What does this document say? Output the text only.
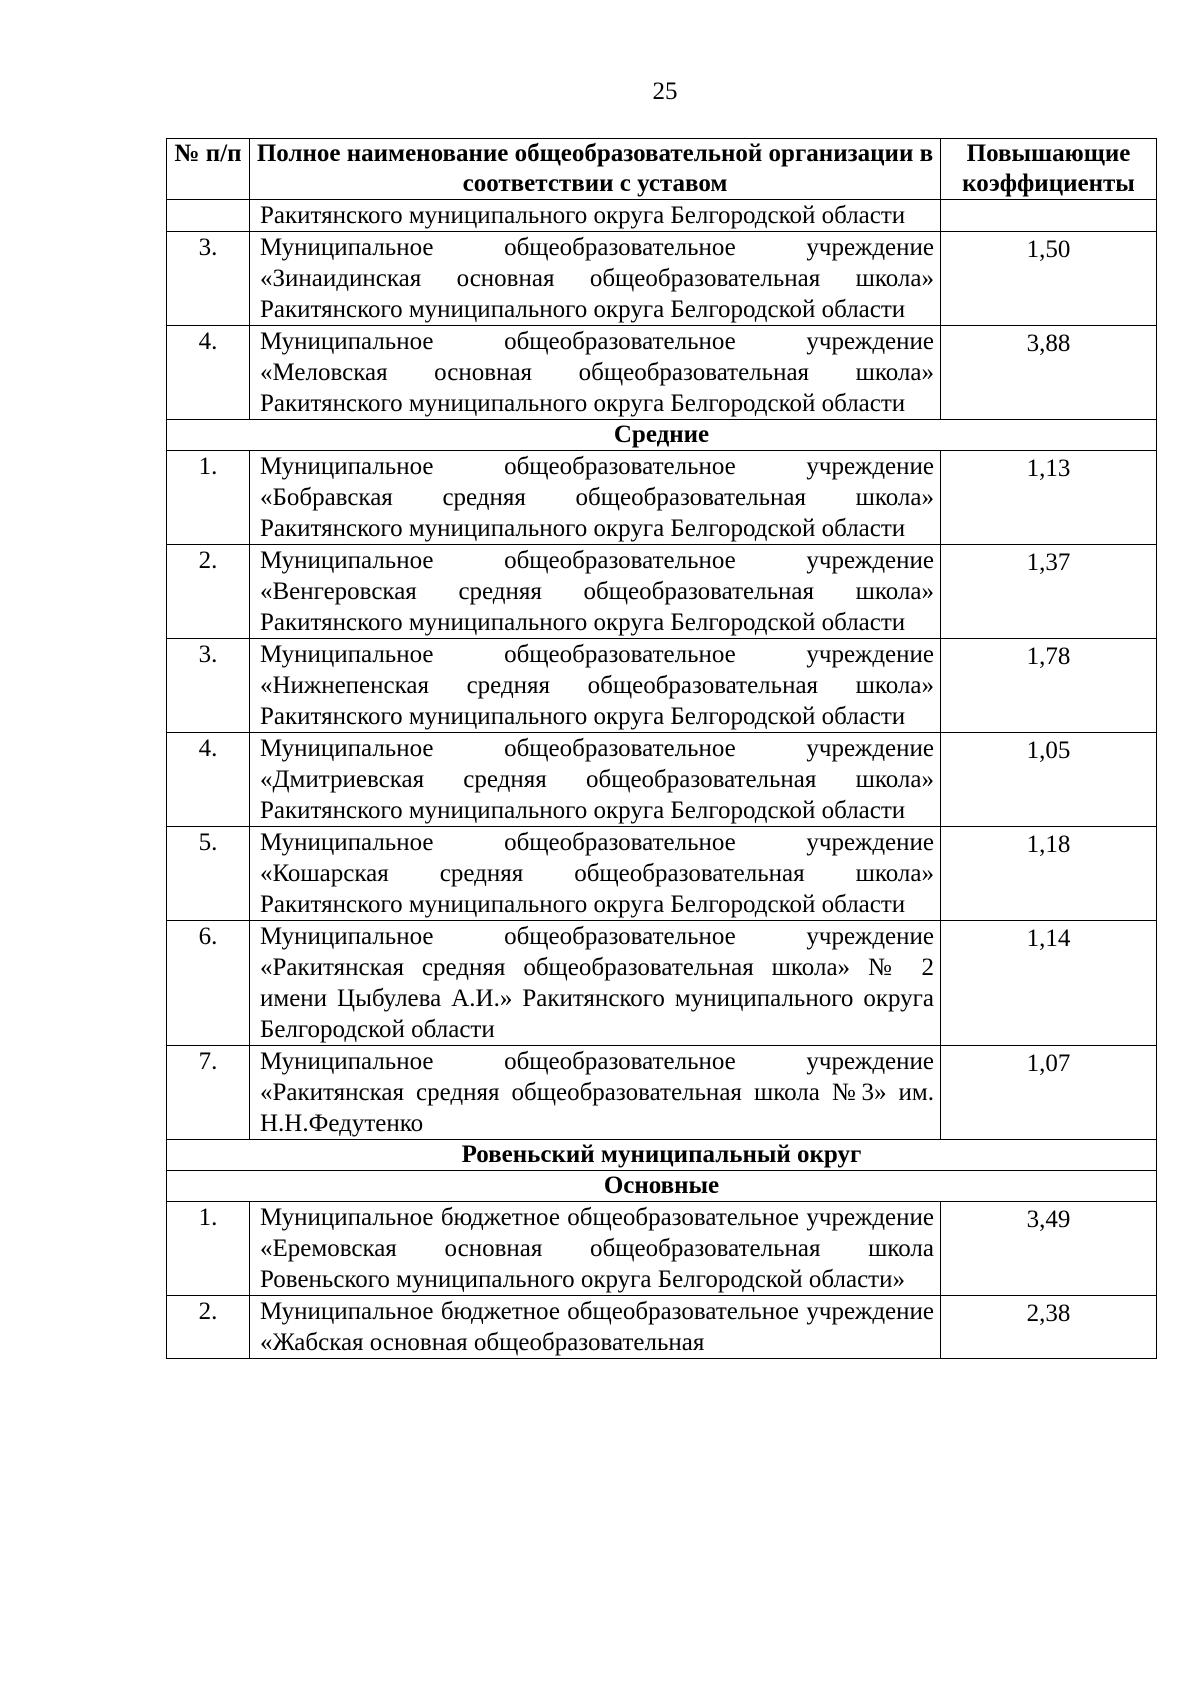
25
№ п/п	Полное наименование общеобразовательной организации в соответствии с уставом	Повышающие коэффициенты
	Ракитянского муниципального округа Белгородской области	
3.	Муниципальное общеобразовательное учреждение «Зинаидинская основная общеобразовательная школа» Ракитянского муниципального округа Белгородской области	1,50
4.	Муниципальное общеобразовательное учреждение «Меловская основная общеобразовательная школа» Ракитянского муниципального округа Белгородской области	3,88
Средние		
1.	Муниципальное общеобразовательное учреждение «Бобравская средняя общеобразовательная школа» Ракитянского муниципального округа Белгородской области	1,13
2.	Муниципальное общеобразовательное учреждение «Венгеровская средняя общеобразовательная школа» Ракитянского муниципального округа Белгородской области	1,37
3.	Муниципальное общеобразовательное учреждение «Нижнепенская средняя общеобразовательная школа» Ракитянского муниципального округа Белгородской области	1,78
4.	Муниципальное общеобразовательное учреждение «Дмитриевская средняя общеобразовательная школа» Ракитянского муниципального округа Белгородской области	1,05
5.	Муниципальное общеобразовательное учреждение «Кошарская средняя общеобразовательная школа» Ракитянского муниципального округа Белгородской области	1,18
6.	Муниципальное общеобразовательное учреждение «Ракитянская средняя общеобразовательная школа» № 2 имени Цыбулева А.И.» Ракитянского муниципального округа Белгородской области	1,14
7.	Муниципальное общеобразовательное учреждение «Ракитянская средняя общеобразовательная школа №3» им. Н.Н.Федутенко	1,07
Ровеньский муниципальный округ		
Основные		
1.	Муниципальное бюджетное общеобразовательное учреждение «Еремовская основная общеобразовательная школа Ровеньского муниципального округа Белгородской области»	3,49
2.	Муниципальное бюджетное общеобразовательное учреждение «Жабская основная общеобразовательная	2,38
